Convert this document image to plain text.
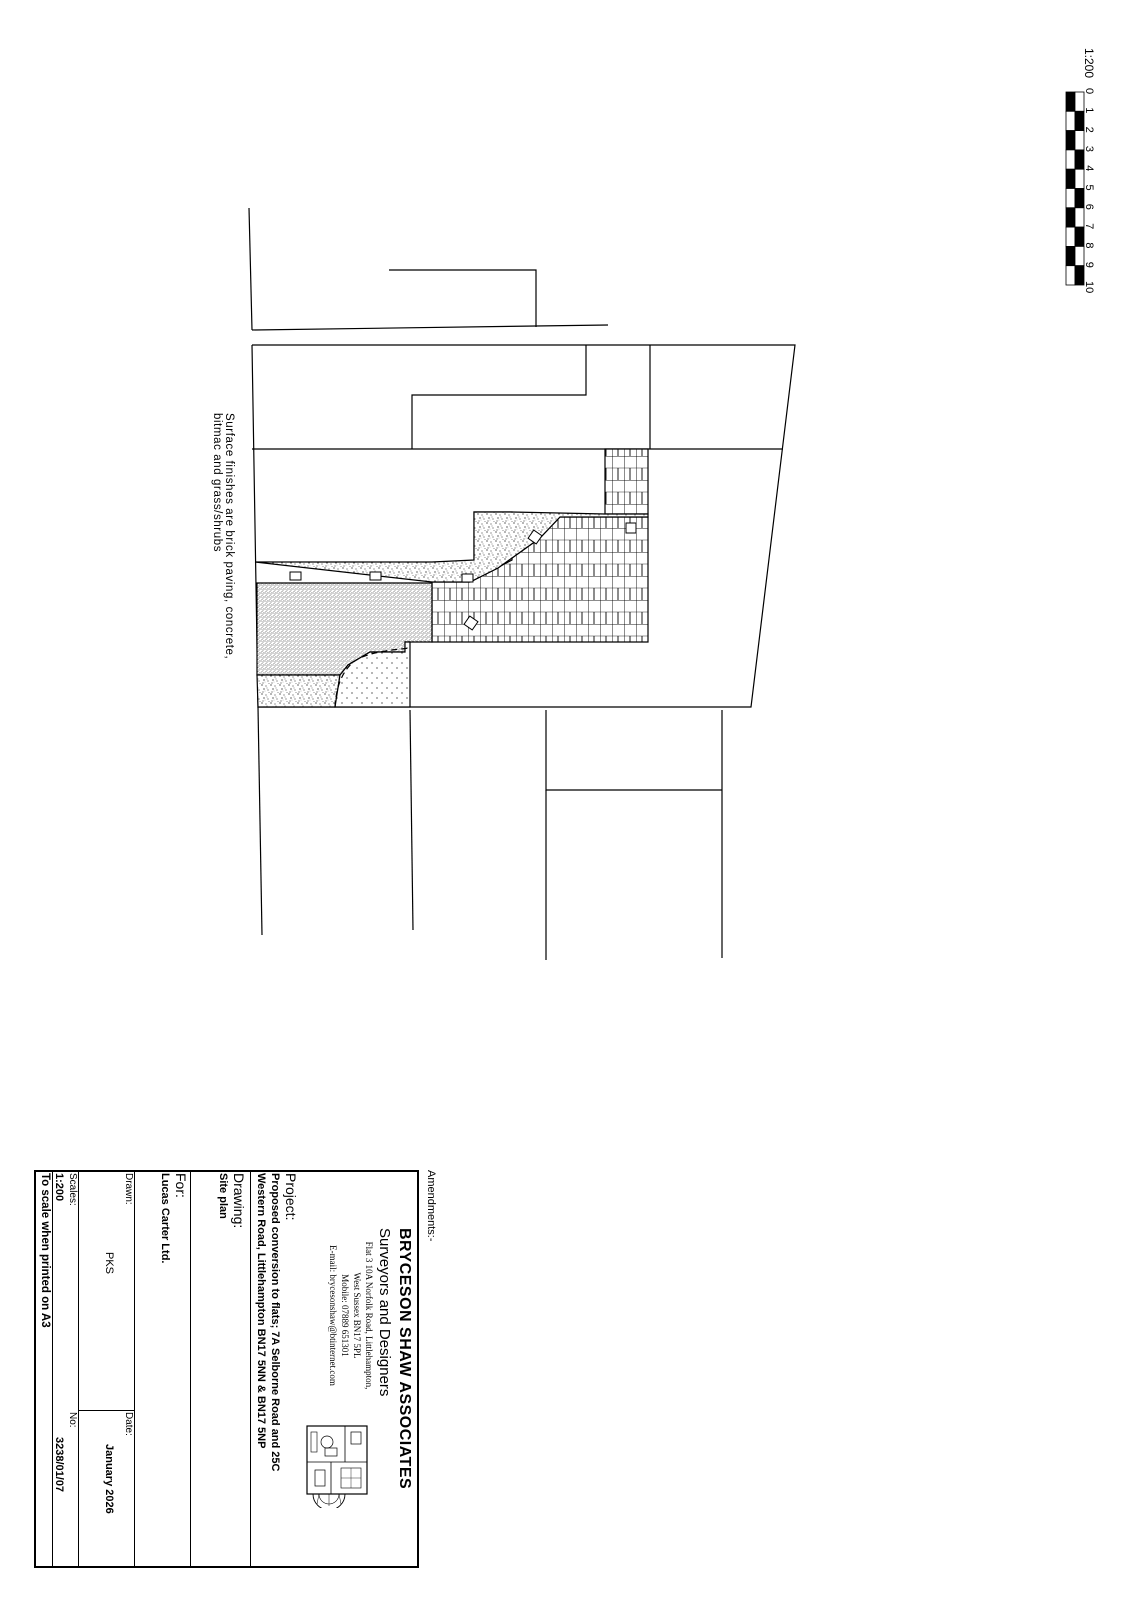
1:200
0
1
2
3
4
5
6
7
8
9
10
Surface finishes are brick paving, concrete,
bitmac and grass/shrubs
Amendments:-
BRYCESON SHAW ASSOCIATES
Surveyors and Designers
Flat 3 10A Norfolk Road, Littlehampton,
West Sussex BN17 5PL
Mobile: 07889 651301
E-mail: brycesonshaw@btinternet.com
Project:
Proposed conversion to flats; 7A Selborne Road and 25C
Western Road, Littlehampton BN17 5NN & BN17 5NP
Drawing:
Site plan
For:
Lucas Carter Ltd.
Drawn:
PKS
Date:
January 2026
Scales:
1:200
No:
3238/01/07
To scale when printed on A3
